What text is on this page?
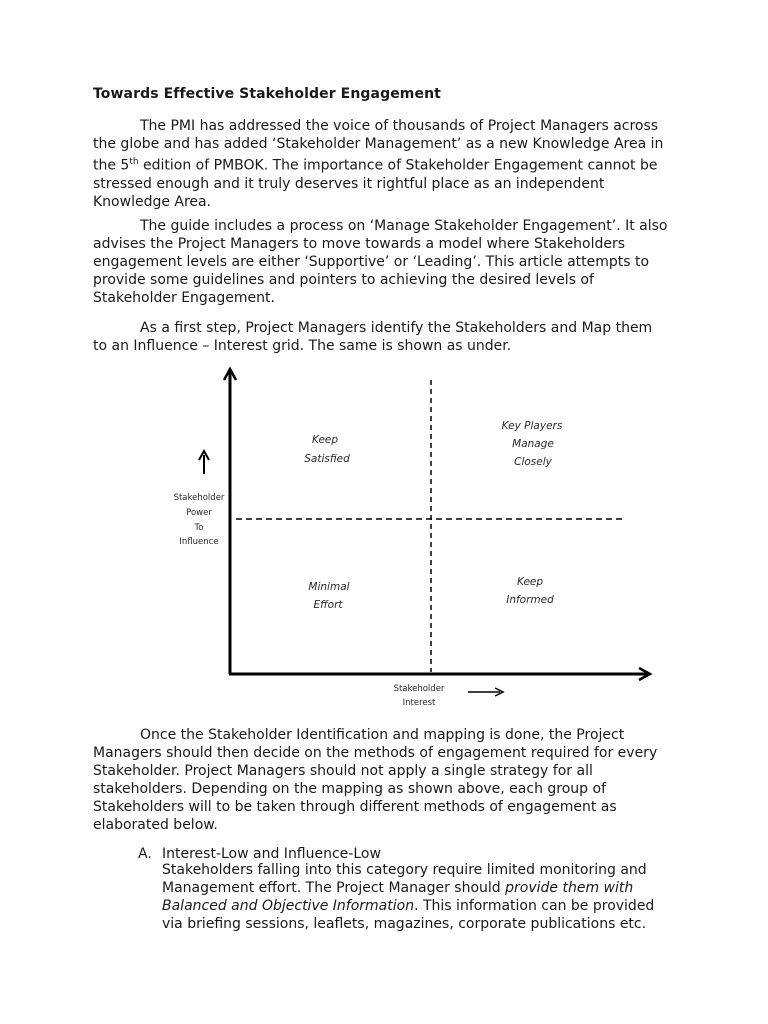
Towards Effective Stakeholder Engagement

The PMI has addressed the voice of thousands of Project Managers across
the globe and has added ‘Stakeholder Management’ as a new Knowledge Area in
the 5th edition of PMBOK. The importance of Stakeholder Engagement cannot be
stressed enough and it truly deserves it rightful place as an independent
Knowledge Area.

The guide includes a process on ‘Manage Stakeholder Engagement’. It also
advises the Project Managers to move towards a model where Stakeholders
engagement levels are either ‘Supportive’ or ‘Leading’. This article attempts to
provide some guidelines and pointers to achieving the desired levels of
Stakeholder Engagement.

As a first step, Project Managers identify the Stakeholders and Map them
to an Influence – Interest grid. The same is shown as under.

Keep
Satisfied
Key Players
Manage
Closely
Minimal
Effort
Keep
Informed
Stakeholder
Power
To
Influence
Stakeholder
Interest

Once the Stakeholder Identification and mapping is done, the Project
Managers should then decide on the methods of engagement required for every
Stakeholder. Project Managers should not apply a single strategy for all
stakeholders. Depending on the mapping as shown above, each group of
Stakeholders will to be taken through different methods of engagement as
elaborated below.

A. Interest-Low and Influence-Low

Stakeholders falling into this category require limited monitoring and
Management effort. The Project Manager should provide them with
Balanced and Objective Information. This information can be provided
via briefing sessions, leaflets, magazines, corporate publications etc.
